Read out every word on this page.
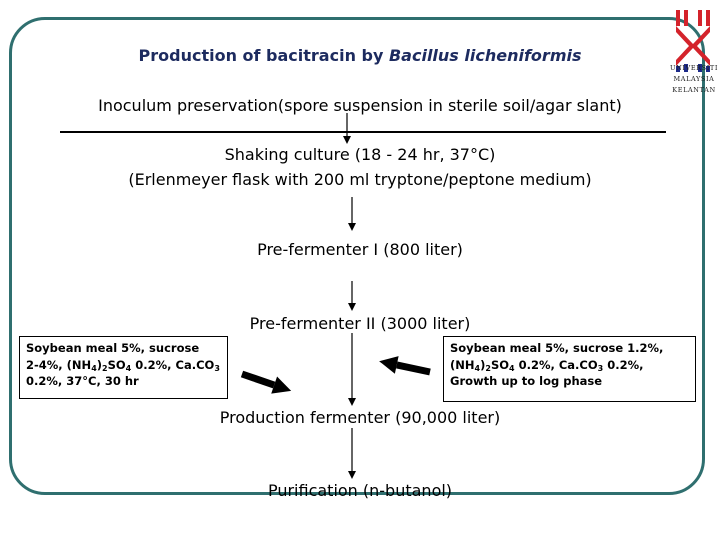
UNIVERSITI
MALAYSIA
KELANTAN
Production of bacitracin by Bacillus licheniformis
Inoculum preservation(spore suspension in sterile soil/agar slant)
Shaking culture (18 - 24 hr, 37°C)
(Erlenmeyer flask with 200 ml tryptone/peptone medium)
Pre-fermenter I (800 liter)
Pre-fermenter II (3000 liter)
Production fermenter (90,000 liter)
Purification (n-butanol)
Soybean meal 5%, sucrose
2-4%, $(NH_4)_2SO_4$ 0.2%, $Ca.CO_3$
0.2%, 37°C, 30 hr
Soybean meal 5%, sucrose 1.2%,
$(NH_4)_2SO_4$ 0.2%, $Ca.CO_3$ 0.2%,
Growth up to log phase
